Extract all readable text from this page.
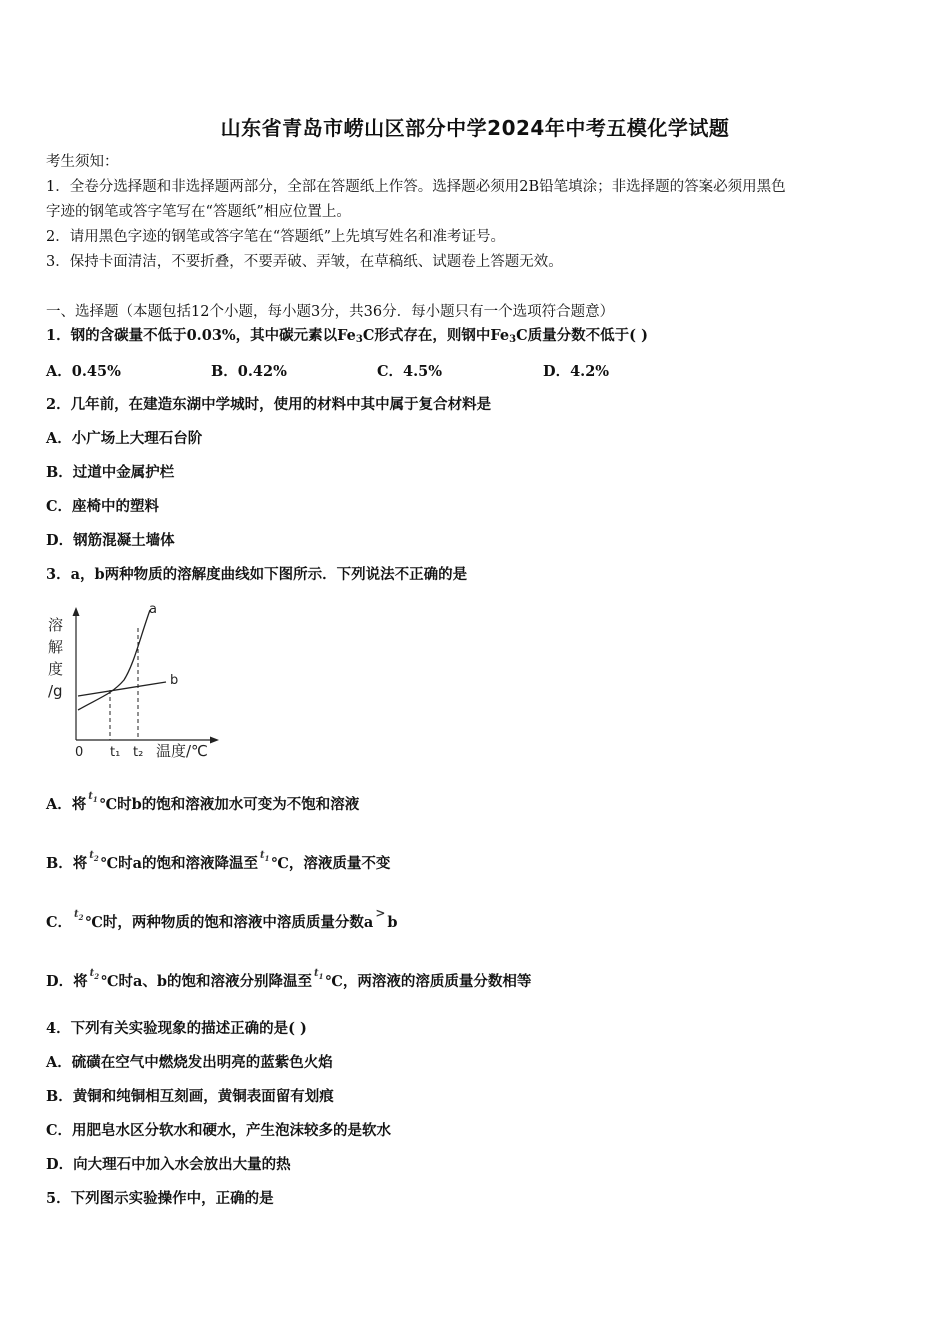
山东省青岛市崂山区部分中学2024年中考五模化学试题
考生须知：
1．全卷分选择题和非选择题两部分，全部在答题纸上作答。选择题必须用2B铅笔填涂；非选择题的答案必须用黑色
字迹的钢笔或答字笔写在“答题纸”相应位置上。
2．请用黑色字迹的钢笔或答字笔在“答题纸”上先填写姓名和准考证号。
3．保持卡面清洁，不要折叠，不要弄破、弄皱，在草稿纸、试题卷上答题无效。
一、选择题（本题包括12个小题，每小题3分，共36分．每小题只有一个选项符合题意）
1．钢的含碳量不低于0.03%，其中碳元素以$Fe_3C$形式存在，则钢中$Fe_3C$质量分数不低于( )
A．0.45%	B．0.42%	C．4.5%	D．4.2%
2．几年前，在建造东湖中学城时，使用的材料中其中属于复合材料是
A．小广场上大理石台阶
B．过道中金属护栏
C．座椅中的塑料
D．钢筋混凝土墙体
3．a，b两种物质的溶解度曲线如下图所示．下列说法不正确的是
溶
解
度
/g
a
b
0 t₁ t₂ 温度/℃
A．将 $^{t_1}$ ℃时b的饱和溶液加水可变为不饱和溶液
B．将 $^{t_2}$ ℃时a的饱和溶液降温至 $^{t_1}$ ℃，溶液质量不变
C． $^{t_2}$ ℃时，两种物质的饱和溶液中溶质质量分数a>b
D．将 $^{t_2}$ ℃时a、b的饱和溶液分别降温至 $^{t_1}$ ℃，两溶液的溶质质量分数相等
4．下列有关实验现象的描述正确的是( )
A．硫磺在空气中燃烧发出明亮的蓝紫色火焰
B．黄铜和纯铜相互刻画，黄铜表面留有划痕
C．用肥皂水区分软水和硬水，产生泡沫较多的是软水
D．向大理石中加入水会放出大量的热
5．下列图示实验操作中，正确的是
